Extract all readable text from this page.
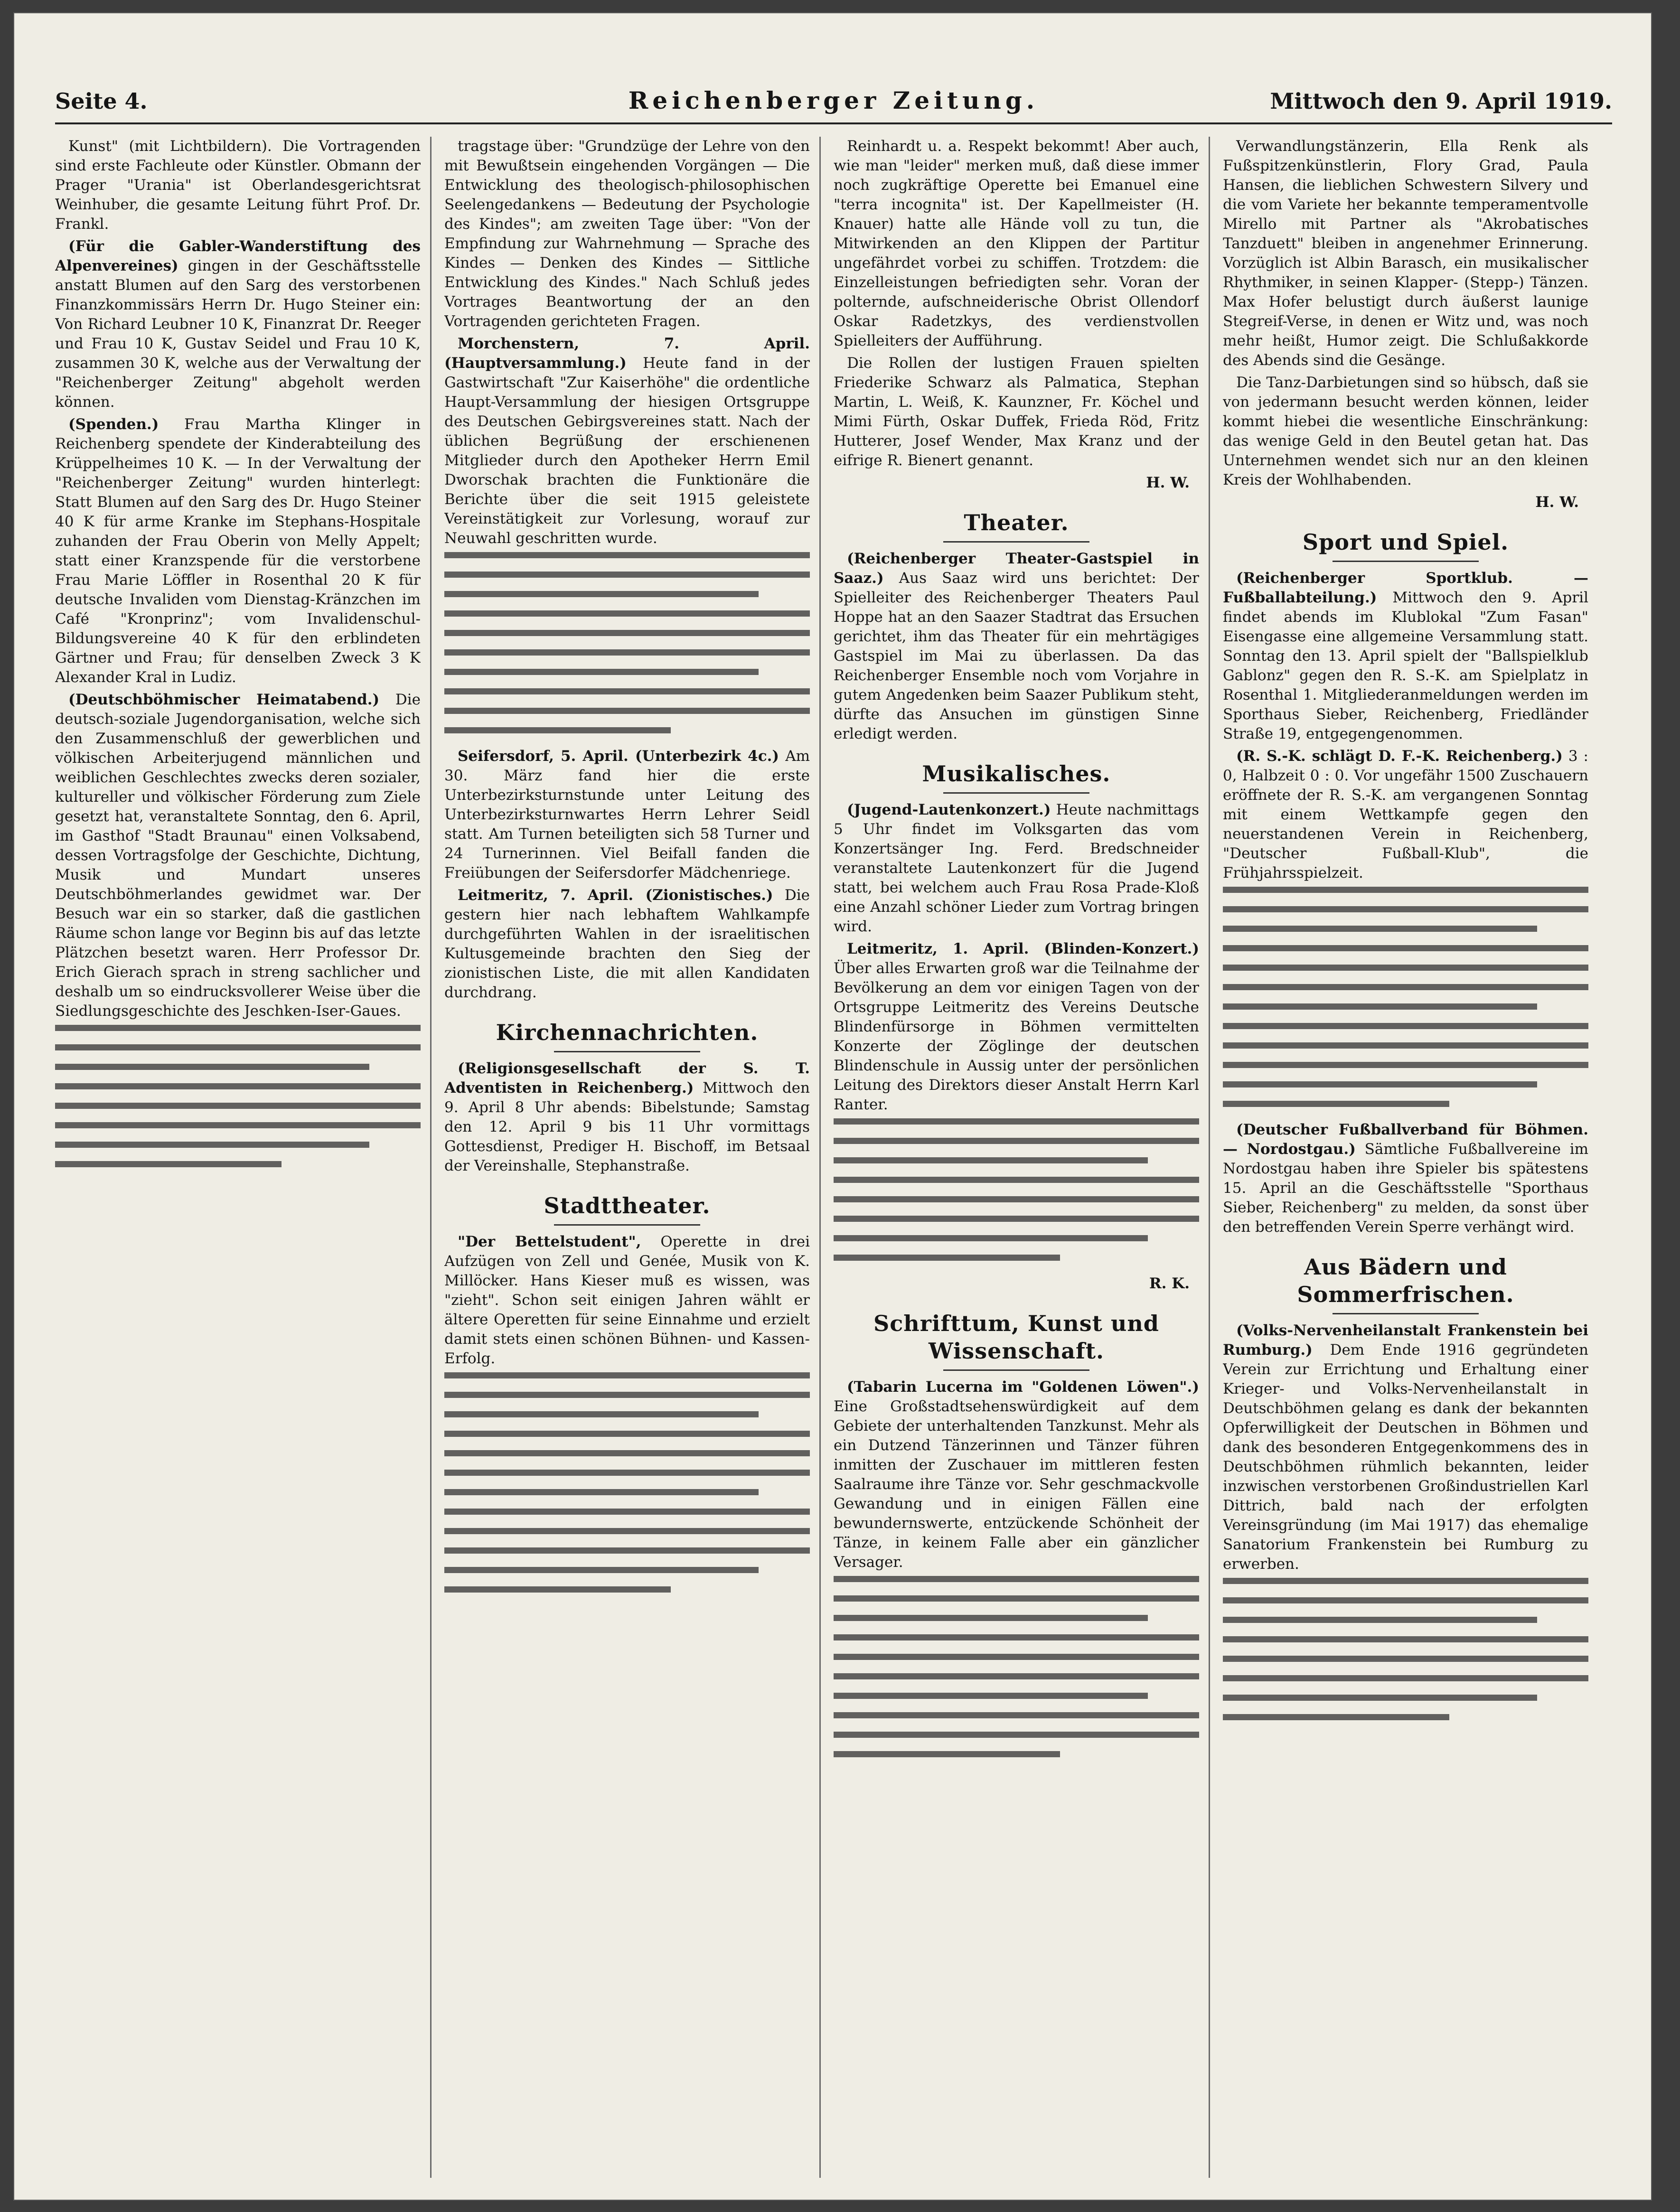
Seite 4.	Reichenberger Zeitung.	Mittwoch den 9. April 1919.

Kunst" (mit Lichtbildern). Die Vortragenden sind erste Fachleute oder Künstler. Obmann der Prager "Urania" ist Oberlandesgerichtsrat Weinhuber, die gesamte Leitung führt Prof. Dr. Frankl.

(Für die Gabler-Wanderstiftung des Alpenvereines) gingen in der Geschäftsstelle anstatt Blumen auf den Sarg des verstorbenen Finanzkommissärs Herrn Dr. Hugo Steiner ein: Von Richard Leubner 10 K, Finanzrat Dr. Reeger und Frau 10 K, Gustav Seidel und Frau 10 K, zusammen 30 K, welche aus der Verwaltung der "Reichenberger Zeitung" abgeholt werden können.

(Spenden.) Frau Martha Klinger in Reichenberg spendete der Kinderabteilung des Krüppelheimes 10 K. — In der Verwaltung der "Reichenberger Zeitung" wurden hinterlegt: Statt Blumen auf den Sarg des Dr. Hugo Steiner 40 K für arme Kranke im Stephans-Hospitale zuhanden der Frau Oberin von Melly Appelt; statt einer Kranzspende für die verstorbene Frau Marie Löffler in Rosenthal 20 K für deutsche Invaliden vom Dienstag-Kränzchen im Café "Kronprinz"; vom Invalidenschul- Bildungsvereine 40 K für den erblindeten Gärtner und Frau; für denselben Zweck 3 K Alexander Kral in Ludiz.

(Deutschböhmischer Heimatabend.) Die deutsch-soziale Jugendorganisation, welche sich den Zusammenschluß der gewerblichen und völkischen Arbeiterjugend männlichen und weiblichen Geschlechtes zwecks deren sozialer, kultureller und völkischer Förderung zum Ziele gesetzt hat, veranstaltete Sonntag, den 6. April, im Gasthof "Stadt Braunau" einen Volksabend, dessen Vortragsfolge der Geschichte, Dichtung, Musik und Mundart unseres Deutschböhmerlandes gewidmet war. Der Besuch war ein so starker, daß die gastlichen Räume schon lange vor Beginn bis auf das letzte Plätzchen besetzt waren. Herr Professor Dr. Erich Gierach sprach in streng sachlicher und deshalb um so eindrucksvollerer Weise über die Siedlungsgeschichte des Jeschken-Iser-Gaues.

tragstage über: "Grundzüge der Lehre von den mit Bewußtsein eingehenden Vorgängen — Die Entwicklung des theologisch-philosophischen Seelengedankens — Bedeutung der Psychologie des Kindes"; am zweiten Tage über: "Von der Empfindung zur Wahrnehmung — Sprache des Kindes — Denken des Kindes — Sittliche Entwicklung des Kindes." Nach Schluß jedes Vortrages Beantwortung der an den Vortragenden gerichteten Fragen.

Morchenstern, 7. April. (Hauptversammlung.) Heute fand in der Gastwirtschaft "Zur Kaiserhöhe" die ordentliche Haupt-Versammlung der hiesigen Ortsgruppe des Deutschen Gebirgsvereines statt. Nach der üblichen Begrüßung der erschienenen Mitglieder durch den Apotheker Herrn Emil Dworschak brachten die Funktionäre die Berichte über die seit 1915 geleistete Vereinstätigkeit zur Vorlesung, worauf zur Neuwahl geschritten wurde.

Seifersdorf, 5. April. (Unterbezirk 4c.) Am 30. März fand hier die erste Unterbezirksturnstunde unter Leitung des Unterbezirksturnwartes Herrn Lehrer Seidl statt. Am Turnen beteiligten sich 58 Turner und 24 Turnerinnen. Viel Beifall fanden die Freiübungen der Seifersdorfer Mädchenriege.

Leitmeritz, 7. April. (Zionistisches.) Die gestern hier nach lebhaftem Wahlkampfe durchgeführten Wahlen in der israelitischen Kultusgemeinde brachten den Sieg der zionistischen Liste, die mit allen Kandidaten durchdrang.

Kirchennachrichten.

(Religionsgesellschaft der S. T. Adventisten in Reichenberg.) Mittwoch den 9. April 8 Uhr abends: Bibelstunde; Samstag den 12. April 9 bis 11 Uhr vormittags Gottesdienst, Prediger H. Bischoff, im Betsaal der Vereinshalle, Stephanstraße.

Stadttheater.

"Der Bettelstudent", Operette in drei Aufzügen von Zell und Genée, Musik von K. Millöcker. Hans Kieser muß es wissen, was "zieht". Schon seit einigen Jahren wählt er ältere Operetten für seine Einnahme und erzielt damit stets einen schönen Bühnen- und Kassen-Erfolg.

Reinhardt u. a. Respekt bekommt! Aber auch, wie man "leider" merken muß, daß diese immer noch zugkräftige Operette bei Emanuel eine "terra incognita" ist. Der Kapellmeister (H. Knauer) hatte alle Hände voll zu tun, die Mitwirkenden an den Klippen der Partitur ungefährdet vorbei zu schiffen. Trotzdem: die Einzelleistungen befriedigten sehr. Voran der polternde, aufschneiderische Obrist Ollendorf Oskar Radetzkys, des verdienstvollen Spielleiters der Aufführung.

Die Rollen der lustigen Frauen spielten Friederike Schwarz als Palmatica, Stephan Martin, L. Weiß, K. Kaunzner, Fr. Köchel und Mimi Fürth, Oskar Duffek, Frieda Röd, Fritz Hutterer, Josef Wender, Max Kranz und der eifrige R. Bienert genannt.

H. W.
Theater.

(Reichenberger Theater-Gastspiel in Saaz.) Aus Saaz wird uns berichtet: Der Spielleiter des Reichenberger Theaters Paul Hoppe hat an den Saazer Stadtrat das Ersuchen gerichtet, ihm das Theater für ein mehrtägiges Gastspiel im Mai zu überlassen. Da das Reichenberger Ensemble noch vom Vorjahre in gutem Angedenken beim Saazer Publikum steht, dürfte das Ansuchen im günstigen Sinne erledigt werden.

Musikalisches.

(Jugend-Lautenkonzert.) Heute nachmittags 5 Uhr findet im Volksgarten das vom Konzertsänger Ing. Ferd. Bredschneider veranstaltete Lautenkonzert für die Jugend statt, bei welchem auch Frau Rosa Prade-Kloß eine Anzahl schöner Lieder zum Vortrag bringen wird.

Leitmeritz, 1. April. (Blinden-Konzert.) Über alles Erwarten groß war die Teilnahme der Bevölkerung an dem vor einigen Tagen von der Ortsgruppe Leitmeritz des Vereins Deutsche Blindenfürsorge in Böhmen vermittelten Konzerte der Zöglinge der deutschen Blindenschule in Aussig unter der persönlichen Leitung des Direktors dieser Anstalt Herrn Karl Ranter.

R. K.
Schrifttum, Kunst und Wissenschaft.

(Tabarin Lucerna im "Goldenen Löwen".) Eine Großstadtsehenswürdigkeit auf dem Gebiete der unterhaltenden Tanzkunst. Mehr als ein Dutzend Tänzerinnen und Tänzer führen inmitten der Zuschauer im mittleren festen Saalraume ihre Tänze vor. Sehr geschmackvolle Gewandung und in einigen Fällen eine bewundernswerte, entzückende Schönheit der Tänze, in keinem Falle aber ein gänzlicher Versager.

Verwandlungstänzerin, Ella Renk als Fußspitzenkünstlerin, Flory Grad, Paula Hansen, die lieblichen Schwestern Silvery und die vom Variete her bekannte temperamentvolle Mirello mit Partner als "Akrobatisches Tanzduett" bleiben in angenehmer Erinnerung. Vorzüglich ist Albin Barasch, ein musikalischer Rhythmiker, in seinen Klapper- (Stepp-) Tänzen. Max Hofer belustigt durch äußerst launige Stegreif-Verse, in denen er Witz und, was noch mehr heißt, Humor zeigt. Die Schlußakkorde des Abends sind die Gesänge.

Die Tanz-Darbietungen sind so hübsch, daß sie von jedermann besucht werden können, leider kommt hiebei die wesentliche Einschränkung: das wenige Geld in den Beutel getan hat. Das Unternehmen wendet sich nur an den kleinen Kreis der Wohlhabenden.

H. W.
Sport und Spiel.

(Reichenberger Sportklub. — Fußballabteilung.) Mittwoch den 9. April findet abends im Klublokal "Zum Fasan" Eisengasse eine allgemeine Versammlung statt. Sonntag den 13. April spielt der "Ballspielklub Gablonz" gegen den R. S.-K. am Spielplatz in Rosenthal 1. Mitgliederanmeldungen werden im Sporthaus Sieber, Reichenberg, Friedländer Straße 19, entgegengenommen.

(R. S.-K. schlägt D. F.-K. Reichenberg.) 3 : 0, Halbzeit 0 : 0. Vor ungefähr 1500 Zuschauern eröffnete der R. S.-K. am vergangenen Sonntag mit einem Wettkampfe gegen den neuerstandenen Verein in Reichenberg, "Deutscher Fußball-Klub", die Frühjahrsspielzeit.

(Deutscher Fußballverband für Böhmen. — Nordostgau.) Sämtliche Fußballvereine im Nordostgau haben ihre Spieler bis spätestens 15. April an die Geschäftsstelle "Sporthaus Sieber, Reichenberg" zu melden, da sonst über den betreffenden Verein Sperre verhängt wird.

Aus Bädern und Sommerfrischen.

(Volks-Nervenheilanstalt Frankenstein bei Rumburg.) Dem Ende 1916 gegründeten Verein zur Errichtung und Erhaltung einer Krieger- und Volks-Nervenheilanstalt in Deutschböhmen gelang es dank der bekannten Opferwilligkeit der Deutschen in Böhmen und dank des besonderen Entgegenkommens des in Deutschböhmen rühmlich bekannten, leider inzwischen verstorbenen Großindustriellen Karl Dittrich, bald nach der erfolgten Vereinsgründung (im Mai 1917) das ehemalige Sanatorium Frankenstein bei Rumburg zu erwerben.
